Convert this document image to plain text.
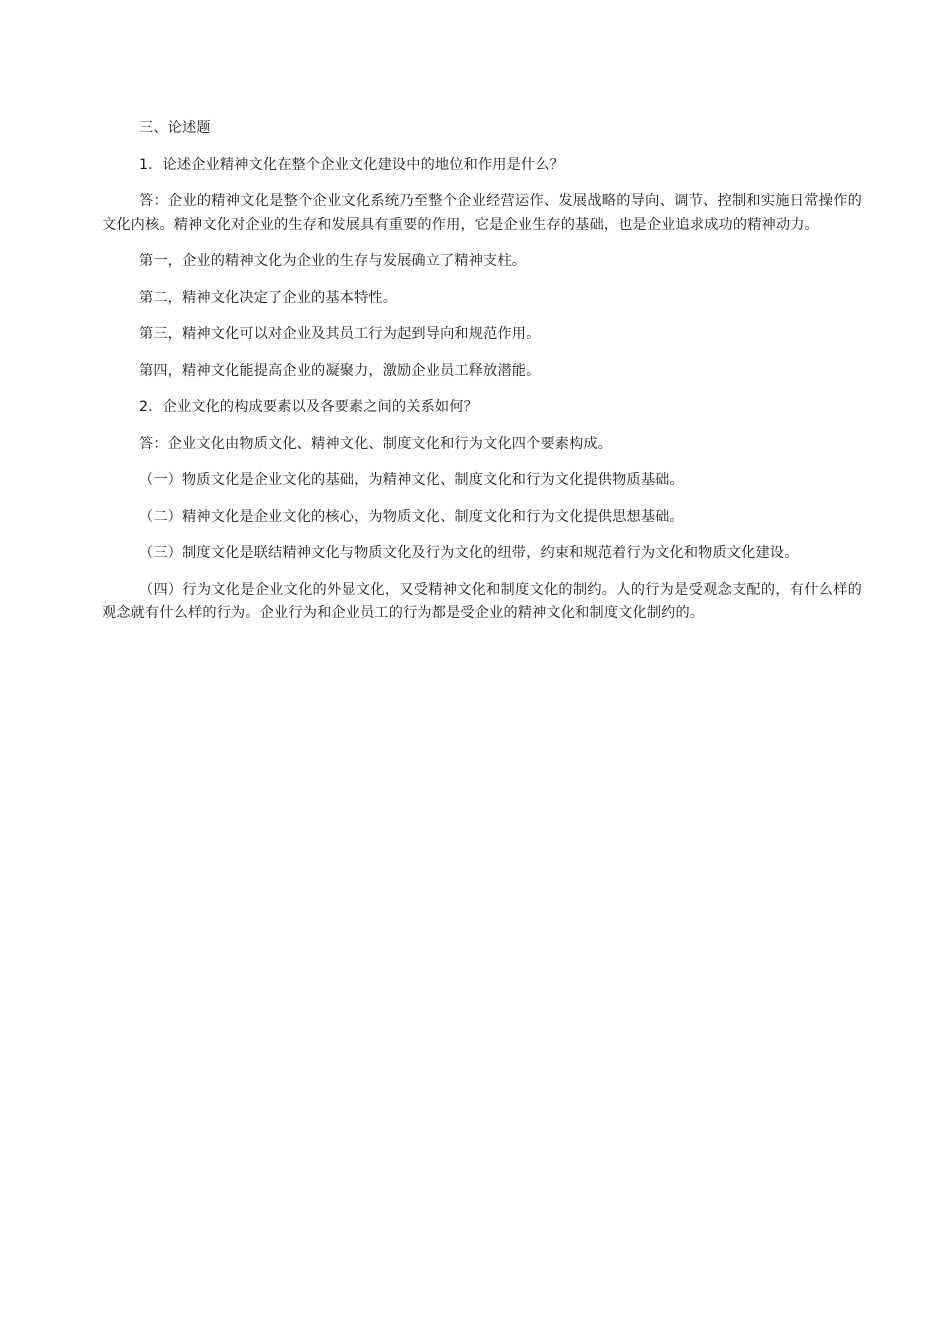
三、论述题

1．论述企业精神文化在整个企业文化建设中的地位和作用是什么？

答：企业的精神文化是整个企业文化系统乃至整个企业经营运作、发展战略的导向、调节、控制和实施日常操作的文化内核。精神文化对企业的生存和发展具有重要的作用，它是企业生存的基础，也是企业追求成功的精神动力。

第一，企业的精神文化为企业的生存与发展确立了精神支柱。

第二，精神文化决定了企业的基本特性。

第三，精神文化可以对企业及其员工行为起到导向和规范作用。

第四，精神文化能提高企业的凝聚力，激励企业员工释放潜能。

2．企业文化的构成要素以及各要素之间的关系如何？

答：企业文化由物质文化、精神文化、制度文化和行为文化四个要素构成。

（一）物质文化是企业文化的基础，为精神文化、制度文化和行为文化提供物质基础。

（二）精神文化是企业文化的核心，为物质文化、制度文化和行为文化提供思想基础。

（三）制度文化是联结精神文化与物质文化及行为文化的纽带，约束和规范着行为文化和物质文化建设。

（四）行为文化是企业文化的外显文化，又受精神文化和制度文化的制约。人的行为是受观念支配的，有什么样的观念就有什么样的行为。企业行为和企业员工的行为都是受企业的精神文化和制度文化制约的。
